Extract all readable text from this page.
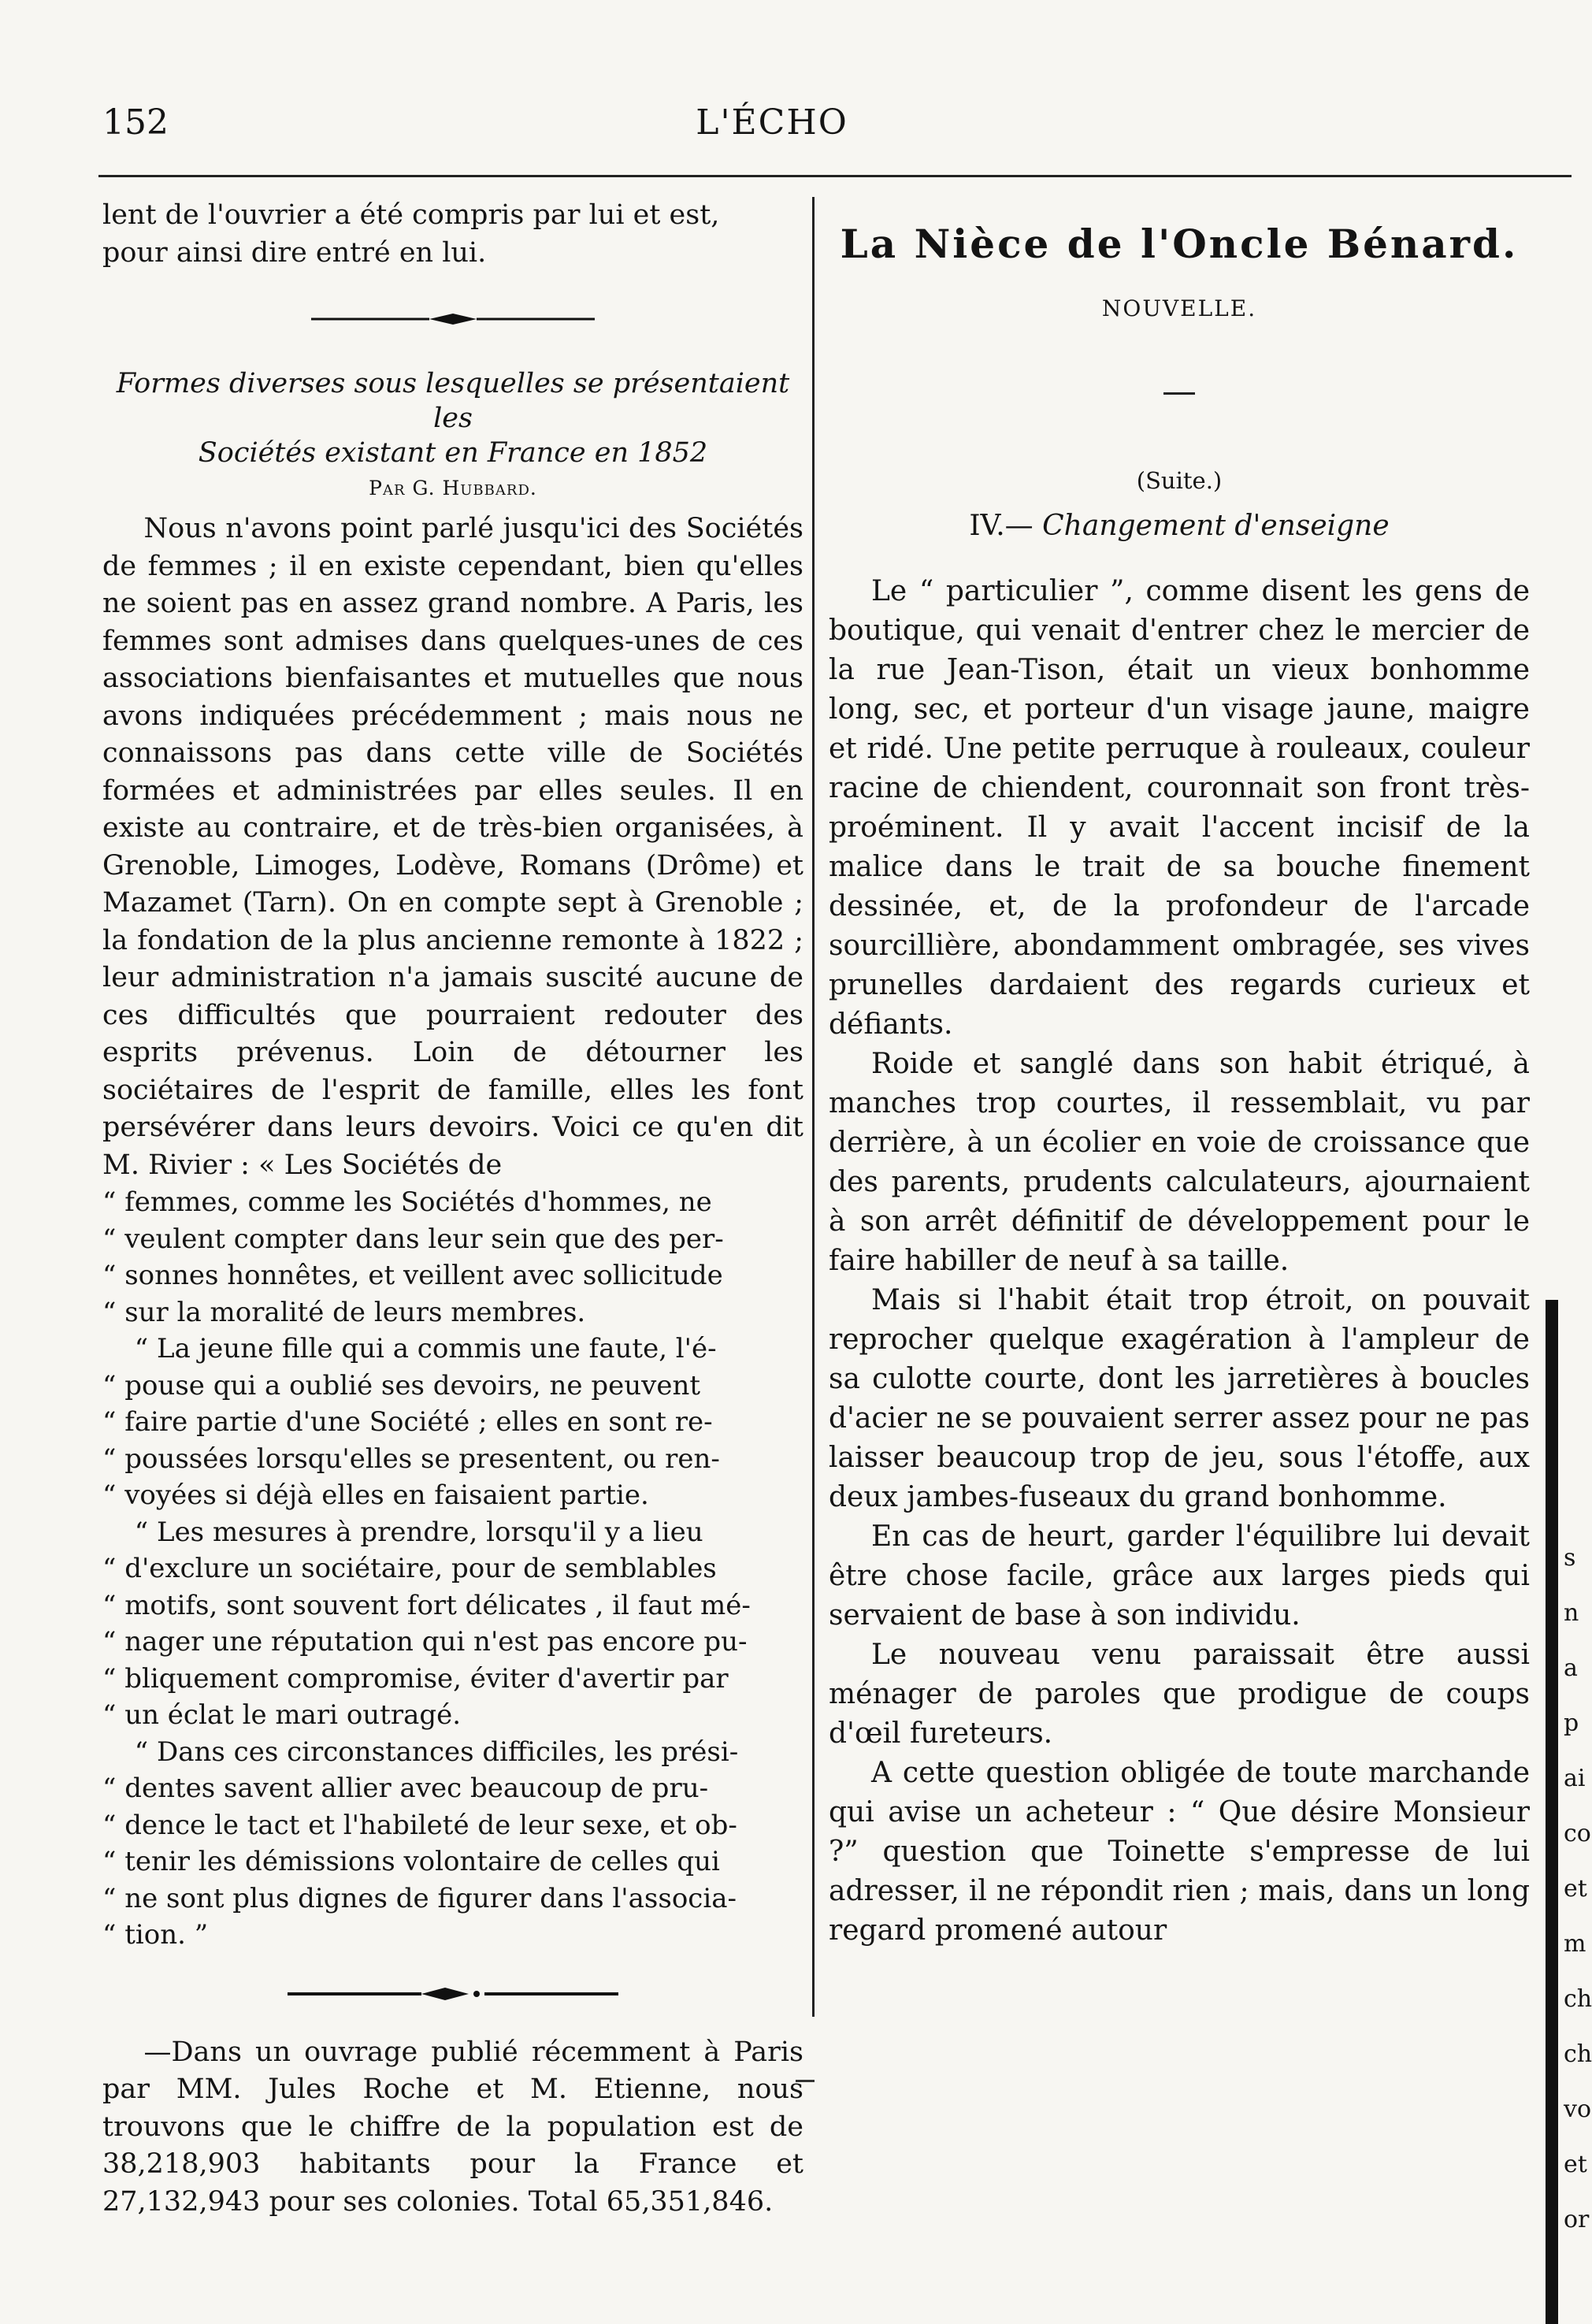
152	L'ÉCHO

lent de l'ouvrier a été compris par lui et est,

pour ainsi dire entré en lui.

Formes diverses sous lesquelles se présentaient les

Sociétés existant en France en 1852

Par G. Hubbard.

Nous n'avons point parlé jusqu'ici des Sociétés de femmes ; il en existe cependant, bien qu'elles ne soient pas en assez grand nombre. A Paris, les femmes sont admises dans quelques-unes de ces associations bienfaisantes et mutuelles que nous avons indiquées précédemment ; mais nous ne connaissons pas dans cette ville de Sociétés formées et administrées par elles seules. Il en existe au contraire, et de très-bien organisées, à Grenoble, Limoges, Lodève, Romans (Drôme) et Mazamet (Tarn). On en compte sept à Grenoble ; la fondation de la plus ancienne remonte à 1822 ; leur administration n'a jamais suscité aucune de ces difficultés que pourraient redouter des esprits prévenus. Loin de détourner les sociétaires de l'esprit de famille, elles les font persévérer dans leurs devoirs. Voici ce qu'en dit M. Rivier : « Les Sociétés de

“ femmes, comme les Sociétés d'hommes, ne

“ veulent compter dans leur sein que des per-

“ sonnes honnêtes, et veillent avec sollicitude

“ sur la moralité de leurs membres.

“ La jeune fille qui a commis une faute, l'é-

“ pouse qui a oublié ses devoirs, ne peuvent

“ faire partie d'une Société ; elles en sont re-

“ poussées lorsqu'elles se presentent, ou ren-

“ voyées si déjà elles en faisaient partie.

“ Les mesures à prendre, lorsqu'il y a lieu

“ d'exclure un sociétaire, pour de semblables

“ motifs, sont souvent fort délicates , il faut mé-

“ nager une réputation qui n'est pas encore pu-

“ bliquement compromise, éviter d'avertir par

“ un éclat le mari outragé.

“ Dans ces circonstances difficiles, les prési-

“ dentes savent allier avec beaucoup de pru-

“ dence le tact et l'habileté de leur sexe, et ob-

“ tenir les démissions volontaire de celles qui

“ ne sont plus dignes de figurer dans l'associa-

“ tion. ”

—Dans un ouvrage publié récemment à Paris par MM. Jules Roche et M. Etienne, nous trouvons que le chiffre de la population est de 38,218,903 habitants pour la France et 27,132,943 pour ses colonies. Total 65,351,846.

La Nièce de l'Oncle Bénard.

NOUVELLE.

(Suite.)

IV.— Changement d'enseigne

Le “ particulier ”, comme disent les gens de boutique, qui venait d'entrer chez le mercier de la rue Jean-Tison, était un vieux bonhomme long, sec, et porteur d'un visage jaune, maigre et ridé. Une petite perruque à rouleaux, couleur racine de chiendent, couronnait son front très-proéminent. Il y avait l'accent incisif de la malice dans le trait de sa bouche finement dessinée, et, de la profondeur de l'arcade sourcillière, abondamment ombragée, ses vives prunelles dardaient des regards curieux et défiants.

Roide et sanglé dans son habit étriqué, à manches trop courtes, il ressemblait, vu par derrière, à un écolier en voie de croissance que des parents, prudents calculateurs, ajournaient à son arrêt définitif de développement pour le faire habiller de neuf à sa taille.

Mais si l'habit était trop étroit, on pouvait reprocher quelque exagération à l'ampleur de sa culotte courte, dont les jarretières à boucles d'acier ne se pouvaient serrer assez pour ne pas laisser beaucoup trop de jeu, sous l'étoffe, aux deux jambes-fuseaux du grand bonhomme.

En cas de heurt, garder l'équilibre lui devait être chose facile, grâce aux larges pieds qui servaient de base à son individu.

Le nouveau venu paraissait être aussi ménager de paroles que prodigue de coups d'œil fureteurs.

A cette question obligée de toute marchande qui avise un acheteur : “ Que désire Monsieur ?” question que Toinette s'empresse de lui adresser, il ne répondit rien ; mais, dans un long regard promené autour

s
n
a
p
ai
co
et
m
ch
ch
vo
et
or
